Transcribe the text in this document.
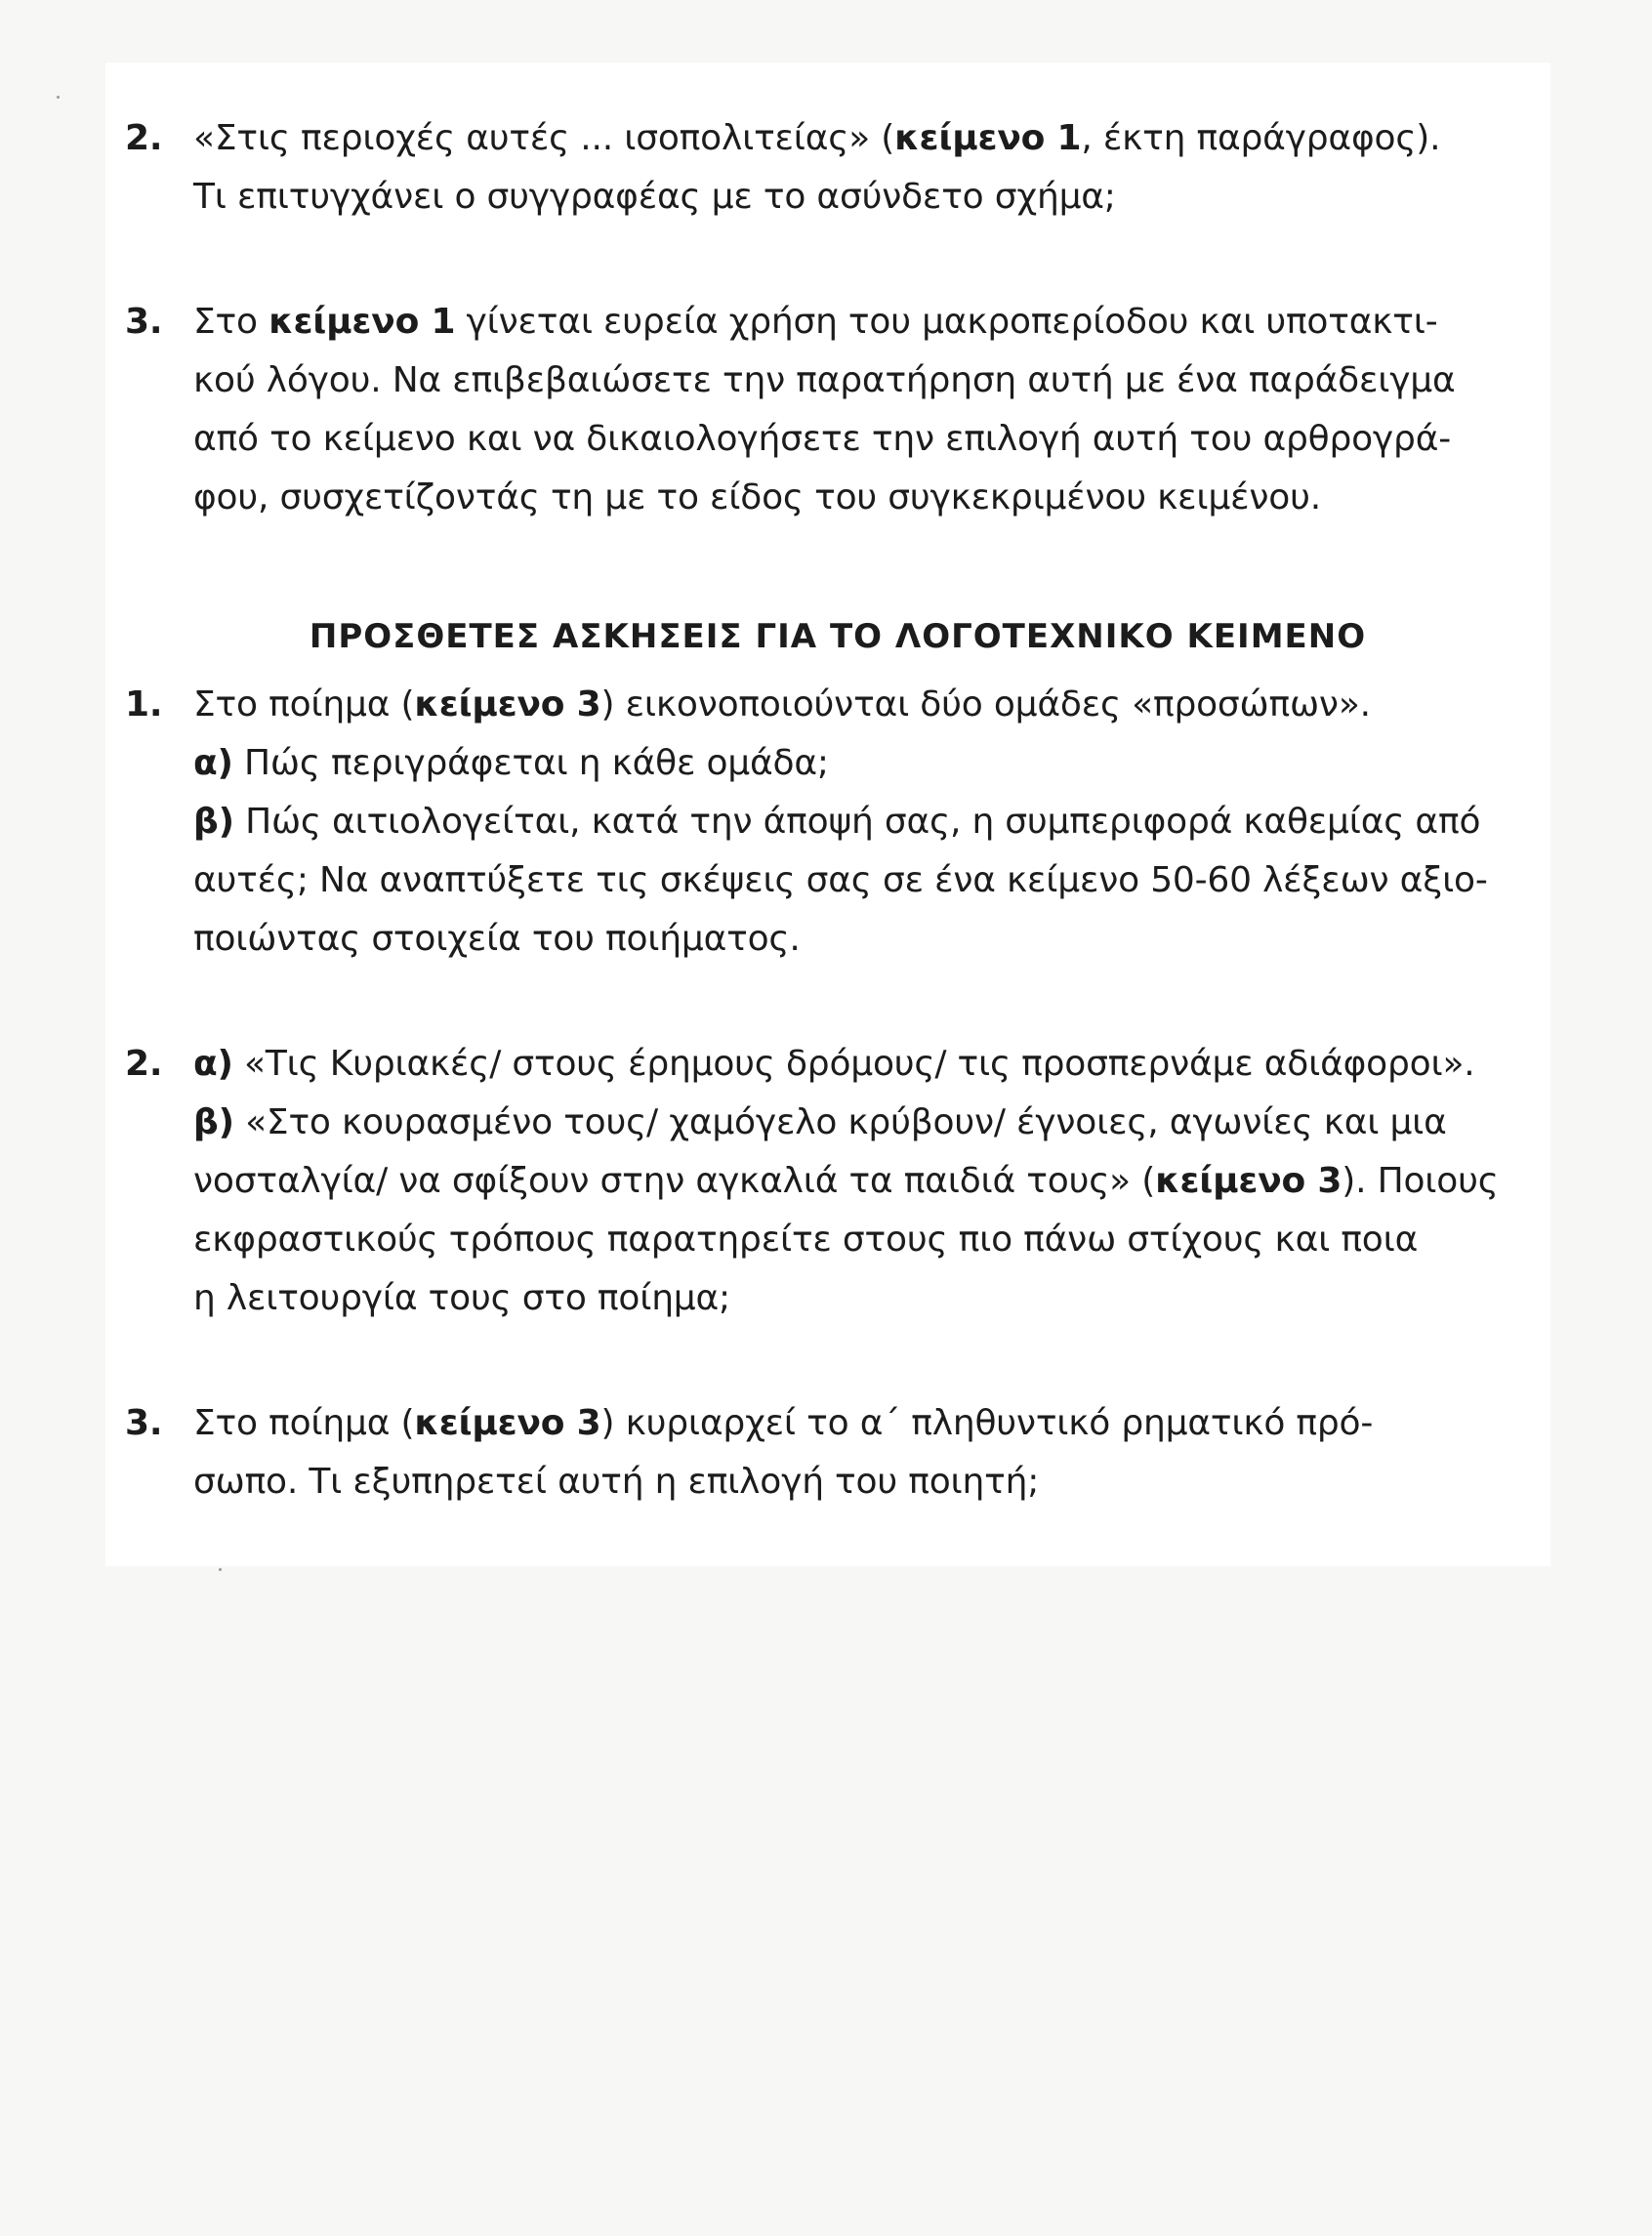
2. «Στις περιοχές αυτές ... ισοπολιτείας» (κείμενο 1, έκτη παράγραφος).
Τι επιτυγχάνει ο συγγραφέας με το ασύνδετο σχήμα;
3. Στο κείμενο 1 γίνεται ευρεία χρήση του μακροπερίοδου και υποτακτι-
κού λόγου. Να επιβεβαιώσετε την παρατήρηση αυτή με ένα παράδειγμα
από το κείμενο και να δικαιολογήσετε την επιλογή αυτή του αρθρογρά-
φου, συσχετίζοντάς τη με το είδος του συγκεκριμένου κειμένου.
ΠΡΟΣΘΕΤΕΣ ΑΣΚΗΣΕΙΣ ΓΙΑ ΤΟ ΛΟΓΟΤΕΧΝΙΚΟ ΚΕΙΜΕΝΟ
1. Στο ποίημα (κείμενο 3) εικονοποιούνται δύο ομάδες «προσώπων».
α) Πώς περιγράφεται η κάθε ομάδα;
β) Πώς αιτιολογείται, κατά την άποψή σας, η συμπεριφορά καθεμίας από
αυτές; Να αναπτύξετε τις σκέψεις σας σε ένα κείμενο 50-60 λέξεων αξιο-
ποιώντας στοιχεία του ποιήματος.
2. α) «Τις Κυριακές/ στους έρημους δρόμους/ τις προσπερνάμε αδιάφοροι».
β) «Στο κουρασμένο τους/ χαμόγελο κρύβουν/ έγνοιες, αγωνίες και μια
νοσταλγία/ να σφίξουν στην αγκαλιά τα παιδιά τους» (κείμενο 3). Ποιους
εκφραστικούς τρόπους παρατηρείτε στους πιο πάνω στίχους και ποια
η λειτουργία τους στο ποίημα;
3. Στο ποίημα (κείμενο 3) κυριαρχεί το α΄ πληθυντικό ρηματικό πρό-
σωπο. Τι εξυπηρετεί αυτή η επιλογή του ποιητή;
